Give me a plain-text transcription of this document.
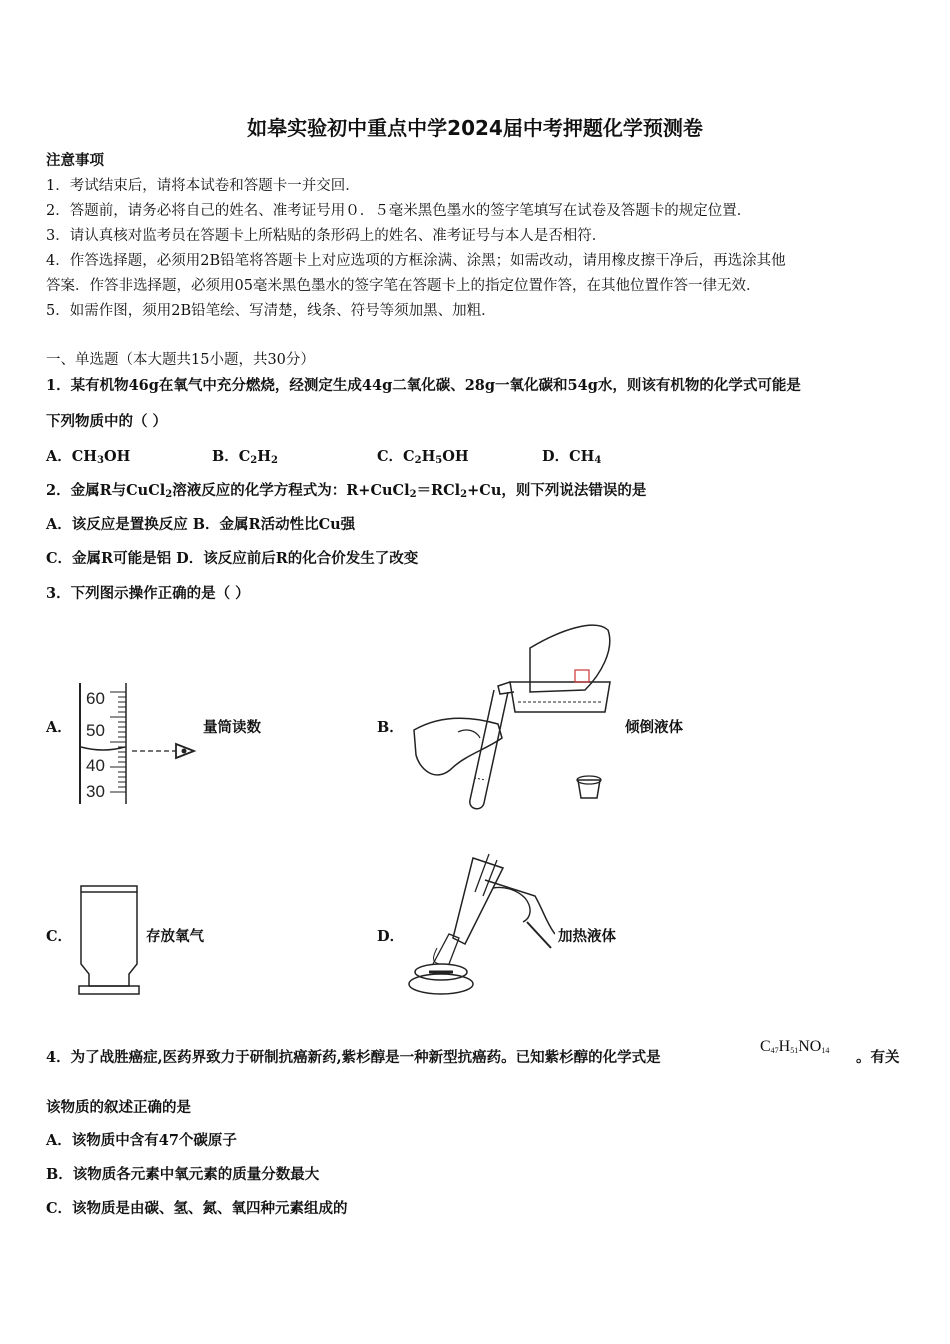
如皋实验初中重点中学2024届中考押题化学预测卷
注意事项
1．考试结束后，请将本试卷和答题卡一并交回．
2．答题前，请务必将自己的姓名、准考证号用０．５毫米黑色墨水的签字笔填写在试卷及答题卡的规定位置．
3．请认真核对监考员在答题卡上所粘贴的条形码上的姓名、准考证号与本人是否相符．
4．作答选择题，必须用2B铅笔将答题卡上对应选项的方框涂满、涂黑；如需改动，请用橡皮擦干净后，再选涂其他
答案．作答非选择题，必须用05毫米黑色墨水的签字笔在答题卡上的指定位置作答，在其他位置作答一律无效．
5．如需作图，须用2B铅笔绘、写清楚，线条、符号等须加黑、加粗．
一、单选题（本大题共15小题，共30分）
1．某有机物46g在氧气中充分燃烧，经测定生成44g二氧化碳、28g一氧化碳和54g水，则该有机物的化学式可能是
下列物质中的（ ）
A．$CH_3OH$	B．$C_2H_2$	C．$C_2H_5OH$	D．$CH_4$
2．金属R与CuCl$_2$溶液反应的化学方程式为：R+CuCl$_2$＝RCl$_2$+Cu，则下列说法错误的是
A．该反应是置换反应 B．金属R活动性比Cu强
C．金属R可能是铝 D．该反应前后R的化合价发生了改变
3．下列图示操作正确的是（ ）
A．
60
50
40
30
量筒读数	B．	倾倒液体
C．	存放氧气	D．	加热液体
4．为了战胜癌症,医药界致力于研制抗癌新药,紫杉醇是一种新型抗癌药。已知紫杉醇的化学式是
$C_{47}H_{51}NO_{14}$ 。有关
该物质的叙述正确的是
A．该物质中含有47个碳原子
B．该物质各元素中氧元素的质量分数最大
C．该物质是由碳、氢、氮、氧四种元素组成的
